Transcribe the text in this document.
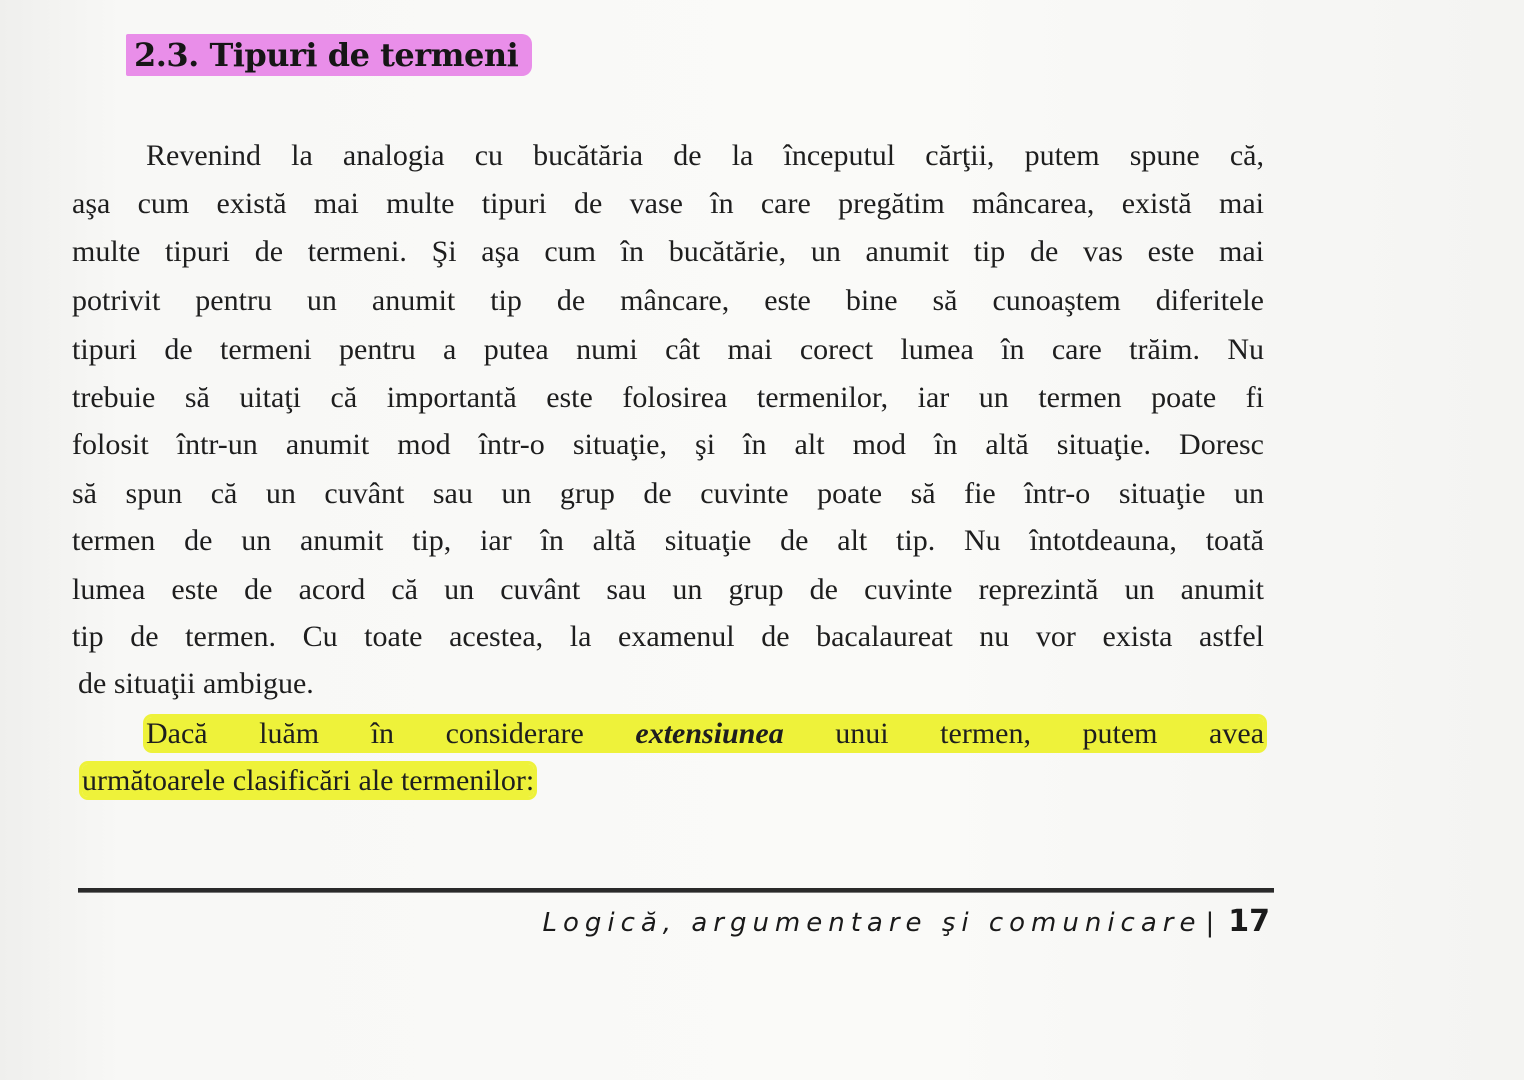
2.3. Tipuri de termeni
Revenind la analogia cu bucătăria de la începutul cărţii, putem spune că,
aşa cum există mai multe tipuri de vase în care pregătim mâncarea, există mai
multe tipuri de termeni. Şi aşa cum în bucătărie, un anumit tip de vas este mai
potrivit pentru un anumit tip de mâncare, este bine să cunoaştem diferitele
tipuri de termeni pentru a putea numi cât mai corect lumea în care trăim. Nu
trebuie să uitaţi că importantă este folosirea termenilor, iar un termen poate fi
folosit într-un anumit mod într-o situaţie, şi în alt mod în altă situaţie. Doresc
să spun că un cuvânt sau un grup de cuvinte poate să fie într-o situaţie un
termen de un anumit tip, iar în altă situaţie de alt tip. Nu întotdeauna, toată
lumea este de acord că un cuvânt sau un grup de cuvinte reprezintă un anumit
tip de termen. Cu toate acestea, la examenul de bacalaureat nu vor exista astfel
de situaţii ambigue.
Dacă luăm în considerare extensiunea unui termen, putem avea
următoarele clasificări ale termenilor:
Logică, argumentare şi comunicare | 17
